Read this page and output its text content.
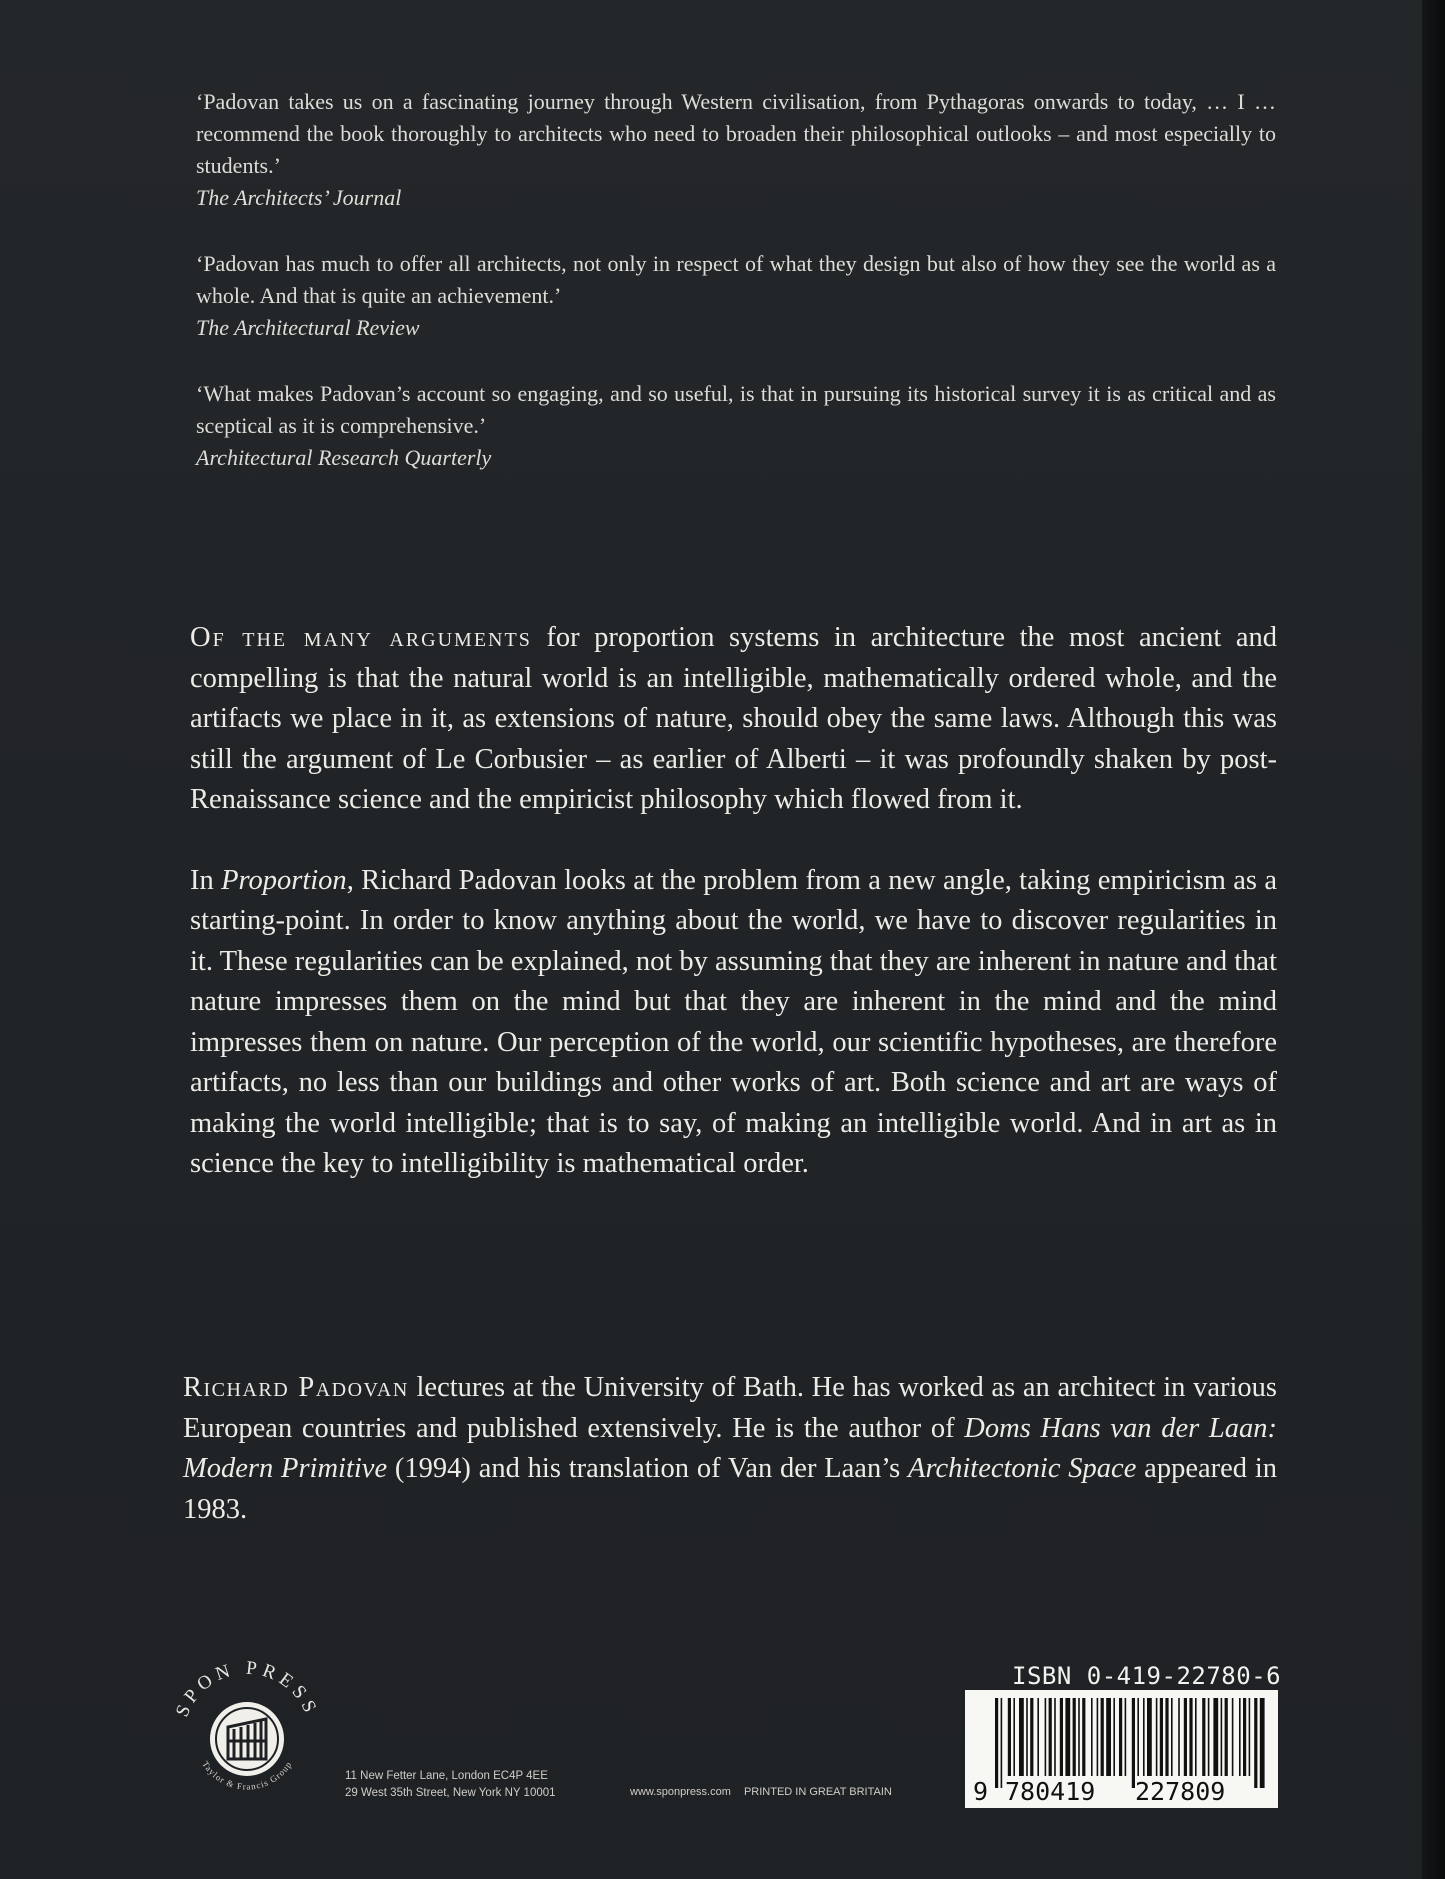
‘Padovan takes us on a fascinating journey through Western civilisation, from Pythagoras onwards to today, … I … recommend the book thoroughly to architects who need to broaden their philosophical outlooks – and most especially to students.’

The Architects’ Journal

‘Padovan has much to offer all architects, not only in respect of what they design but also of how they see the world as a whole. And that is quite an achievement.’

The Architectural Review

‘What makes Padovan’s account so engaging, and so useful, is that in pursuing its historical survey it is as critical and as sceptical as it is comprehensive.’

Architectural Research Quarterly

Of the many arguments for proportion systems in architecture the most ancient and compelling is that the natural world is an intelligible, mathematically ordered whole, and the artifacts we place in it, as extensions of nature, should obey the same laws. Although this was still the argument of Le Corbusier – as earlier of Alberti – it was profoundly shaken by post-Renaissance science and the empiricist philosophy which flowed from it.

In Proportion, Richard Padovan looks at the problem from a new angle, taking empiricism as a starting-point. In order to know anything about the world, we have to discover regularities in it. These regularities can be explained, not by assuming that they are inherent in nature and that nature impresses them on the mind but that they are inherent in the mind and the mind impresses them on nature. Our perception of the world, our scientific hypotheses, are therefore artifacts, no less than our buildings and other works of art. Both science and art are ways of making the world intelligible; that is to say, of making an intelligible world. And in art as in science the key to intelligibility is mathematical order.

Richard Padovan lectures at the University of Bath. He has worked as an architect in various European countries and published extensively. He is the author of Doms Hans van der Laan: Modern Primitive (1994) and his translation of Van der Laan’s Architectonic Space appeared in 1983.

SPON PRESS
Taylor & Francis Group
11 New Fetter Lane, London EC4P 4EE
29 West 35th Street, New York NY 10001	www.sponpress.com PRINTED IN GREAT BRITAIN
ISBN 0-419-22780-6
9 780419 227809
